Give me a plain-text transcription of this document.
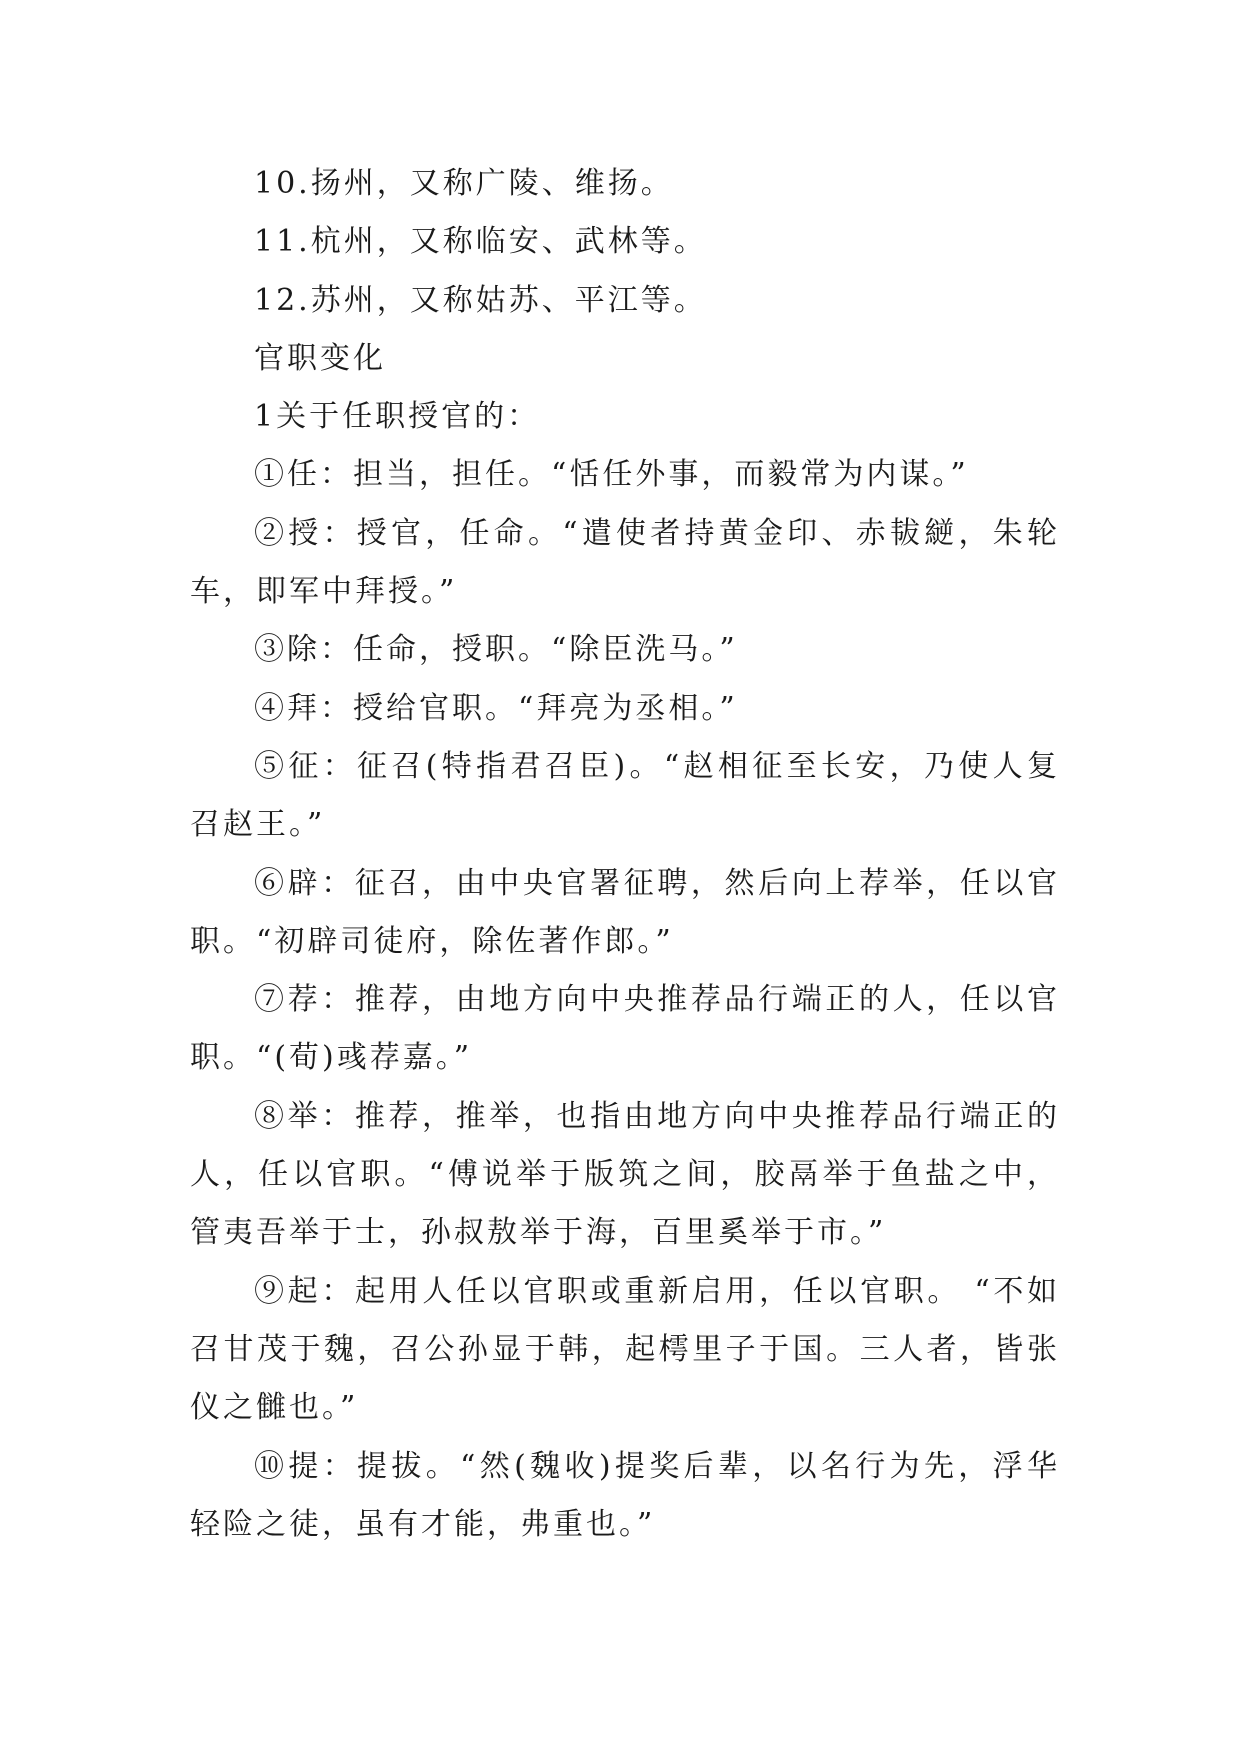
10.扬州，又称广陵、维扬。

11.杭州，又称临安、武林等。

12.苏州，又称姑苏、平江等。

官职变化

1关于任职授官的：

①任：担当，担任。“恬任外事，而毅常为内谋。”

②授：授官，任命。“遣使者持黄金印、赤韨縌，朱轮车，即军中拜授。”

③除：任命，授职。“除臣洗马。”

④拜：授给官职。“拜亮为丞相。”

⑤征：征召(特指君召臣)。“赵相征至长安，乃使人复召赵王。”

⑥辟：征召，由中央官署征聘，然后向上荐举，任以官职。“初辟司徒府，除佐著作郎。”

⑦荐：推荐，由地方向中央推荐品行端正的人，任以官职。“(荀)彧荐嘉。”

⑧举：推荐，推举，也指由地方向中央推荐品行端正的人，任以官职。“傅说举于版筑之间，胶鬲举于鱼盐之中，管夷吾举于士，孙叔敖举于海，百里奚举于市。”

⑨起：起用人任以官职或重新启用，任以官职。 “不如召甘茂于魏，召公孙显于韩，起樗里子于国。三人者，皆张仪之雠也。”

⑩提：提拔。“然(魏收)提奖后辈，以名行为先，浮华轻险之徒，虽有才能，弗重也。”
